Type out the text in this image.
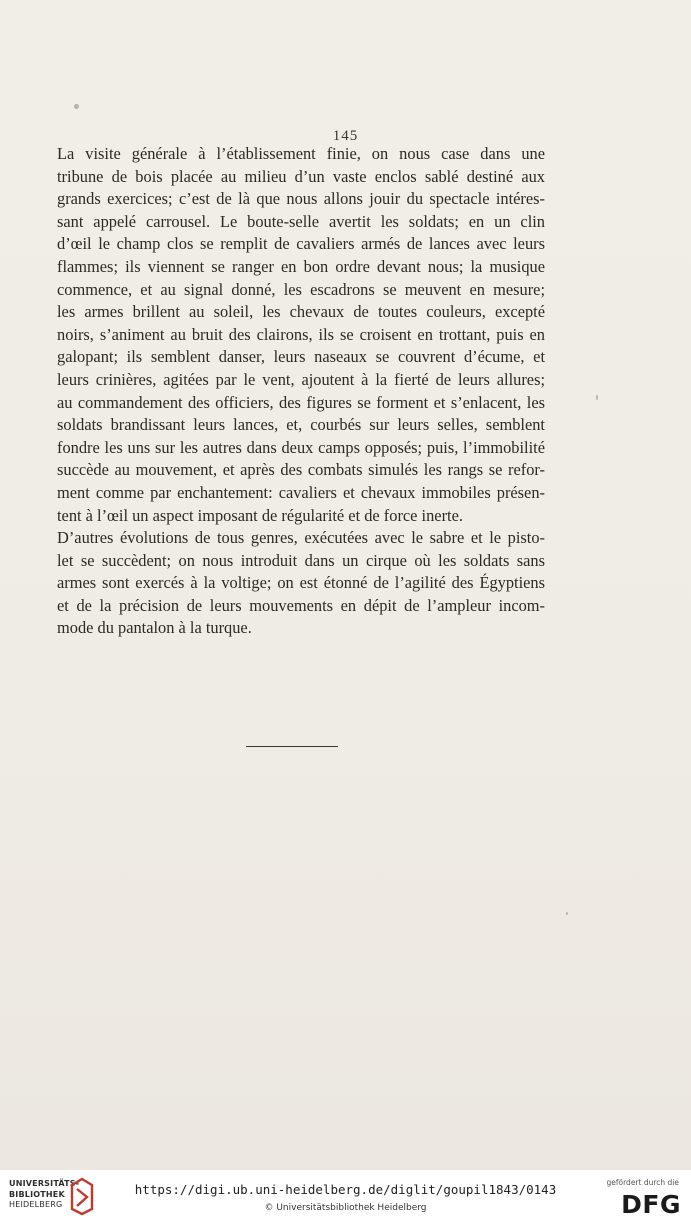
145
La visite générale à l’établissement finie, on nous case dans une
tribune de bois placée au milieu d’un vaste enclos sablé destiné aux
grands exercices; c’est de là que nous allons jouir du spectacle intéres-
sant appelé carrousel. Le boute-selle avertit les soldats; en un clin
d’œil le champ clos se remplit de cavaliers armés de lances avec leurs
flammes; ils viennent se ranger en bon ordre devant nous; la musique
commence, et au signal donné, les escadrons se meuvent en mesure;
les armes brillent au soleil, les chevaux de toutes couleurs, excepté
noirs, s’animent au bruit des clairons, ils se croisent en trottant, puis en
galopant; ils semblent danser, leurs naseaux se couvrent d’écume, et
leurs crinières, agitées par le vent, ajoutent à la fierté de leurs allures;
au commandement des officiers, des figures se forment et s’enlacent, les
soldats brandissant leurs lances, et, courbés sur leurs selles, semblent
fondre les uns sur les autres dans deux camps opposés; puis, l’immobilité
succède au mouvement, et après des combats simulés les rangs se refor-
ment comme par enchantement: cavaliers et chevaux immobiles présen-
tent à l’œil un aspect imposant de régularité et de force inerte.
D’autres évolutions de tous genres, exécutées avec le sabre et le pisto-
let se succèdent; on nous introduit dans un cirque où les soldats sans
armes sont exercés à la voltige; on est étonné de l’agilité des Égyptiens
et de la précision de leurs mouvements en dépit de l’ampleur incom-
mode du pantalon à la turque.
UNIVERSITÄTS-
BIBLIOTHEK
HEIDELBERG
https://digi.ub.uni-heidelberg.de/diglit/goupil1843/0143
© Universitätsbibliothek Heidelberg
gefördert durch die
DFG
